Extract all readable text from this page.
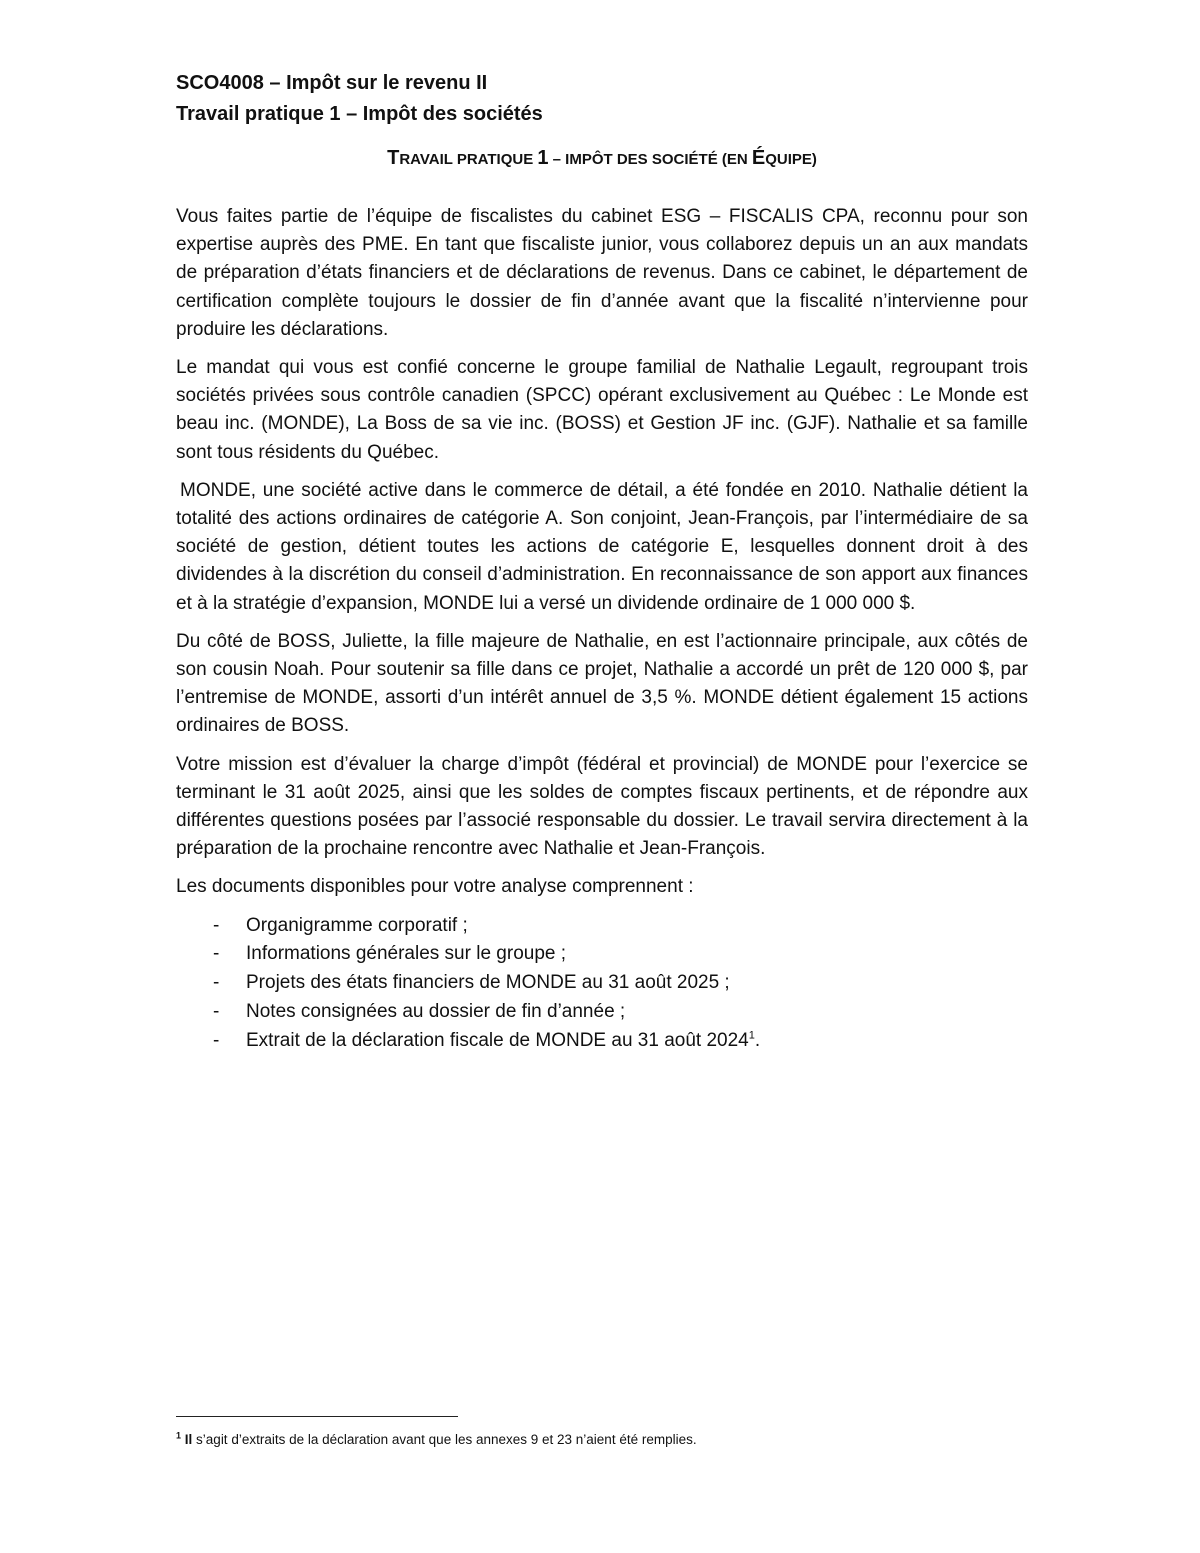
SCO4008 – Impôt sur le revenu II
Travail pratique 1 – Impôt des sociétés
TRAVAIL PRATIQUE 1 – IMPÔT DES SOCIÉTÉ (EN ÉQUIPE)

Vous faites partie de l’équipe de fiscalistes du cabinet ESG – FISCALIS CPA, reconnu pour son expertise auprès des PME. En tant que fiscaliste junior, vous collaborez depuis un an aux mandats de préparation d’états financiers et de déclarations de revenus. Dans ce cabinet, le département de certification complète toujours le dossier de fin d’année avant que la fiscalité n’intervienne pour produire les déclarations.

Le mandat qui vous est confié concerne le groupe familial de Nathalie Legault, regroupant trois sociétés privées sous contrôle canadien (SPCC) opérant exclusivement au Québec : Le Monde est beau inc. (MONDE), La Boss de sa vie inc. (BOSS) et Gestion JF inc. (GJF). Nathalie et sa famille sont tous résidents du Québec.

MONDE, une société active dans le commerce de détail, a été fondée en 2010. Nathalie détient la totalité des actions ordinaires de catégorie A. Son conjoint, Jean-François, par l’intermédiaire de sa société de gestion, détient toutes les actions de catégorie E, lesquelles donnent droit à des dividendes à la discrétion du conseil d’administration. En reconnaissance de son apport aux finances et à la stratégie d’expansion, MONDE lui a versé un dividende ordinaire de 1 000 000 $.

Du côté de BOSS, Juliette, la fille majeure de Nathalie, en est l’actionnaire principale, aux côtés de son cousin Noah. Pour soutenir sa fille dans ce projet, Nathalie a accordé un prêt de 120 000 $, par l’entremise de MONDE, assorti d’un intérêt annuel de 3,5 %. MONDE détient également 15 actions ordinaires de BOSS.

Votre mission est d’évaluer la charge d’impôt (fédéral et provincial) de MONDE pour l’exercice se terminant le 31 août 2025, ainsi que les soldes de comptes fiscaux pertinents, et de répondre aux différentes questions posées par l’associé responsable du dossier. Le travail servira directement à la préparation de la prochaine rencontre avec Nathalie et Jean-François.

Les documents disponibles pour votre analyse comprennent :

- Organigramme corporatif ;
- Informations générales sur le groupe ;
- Projets des états financiers de MONDE au 31 août 2025 ;
- Notes consignées au dossier de fin d’année ;
- Extrait de la déclaration fiscale de MONDE au 31 août 2024$^1$.
$^1$ Il s’agit d’extraits de la déclaration avant que les annexes 9 et 23 n’aient été remplies.
